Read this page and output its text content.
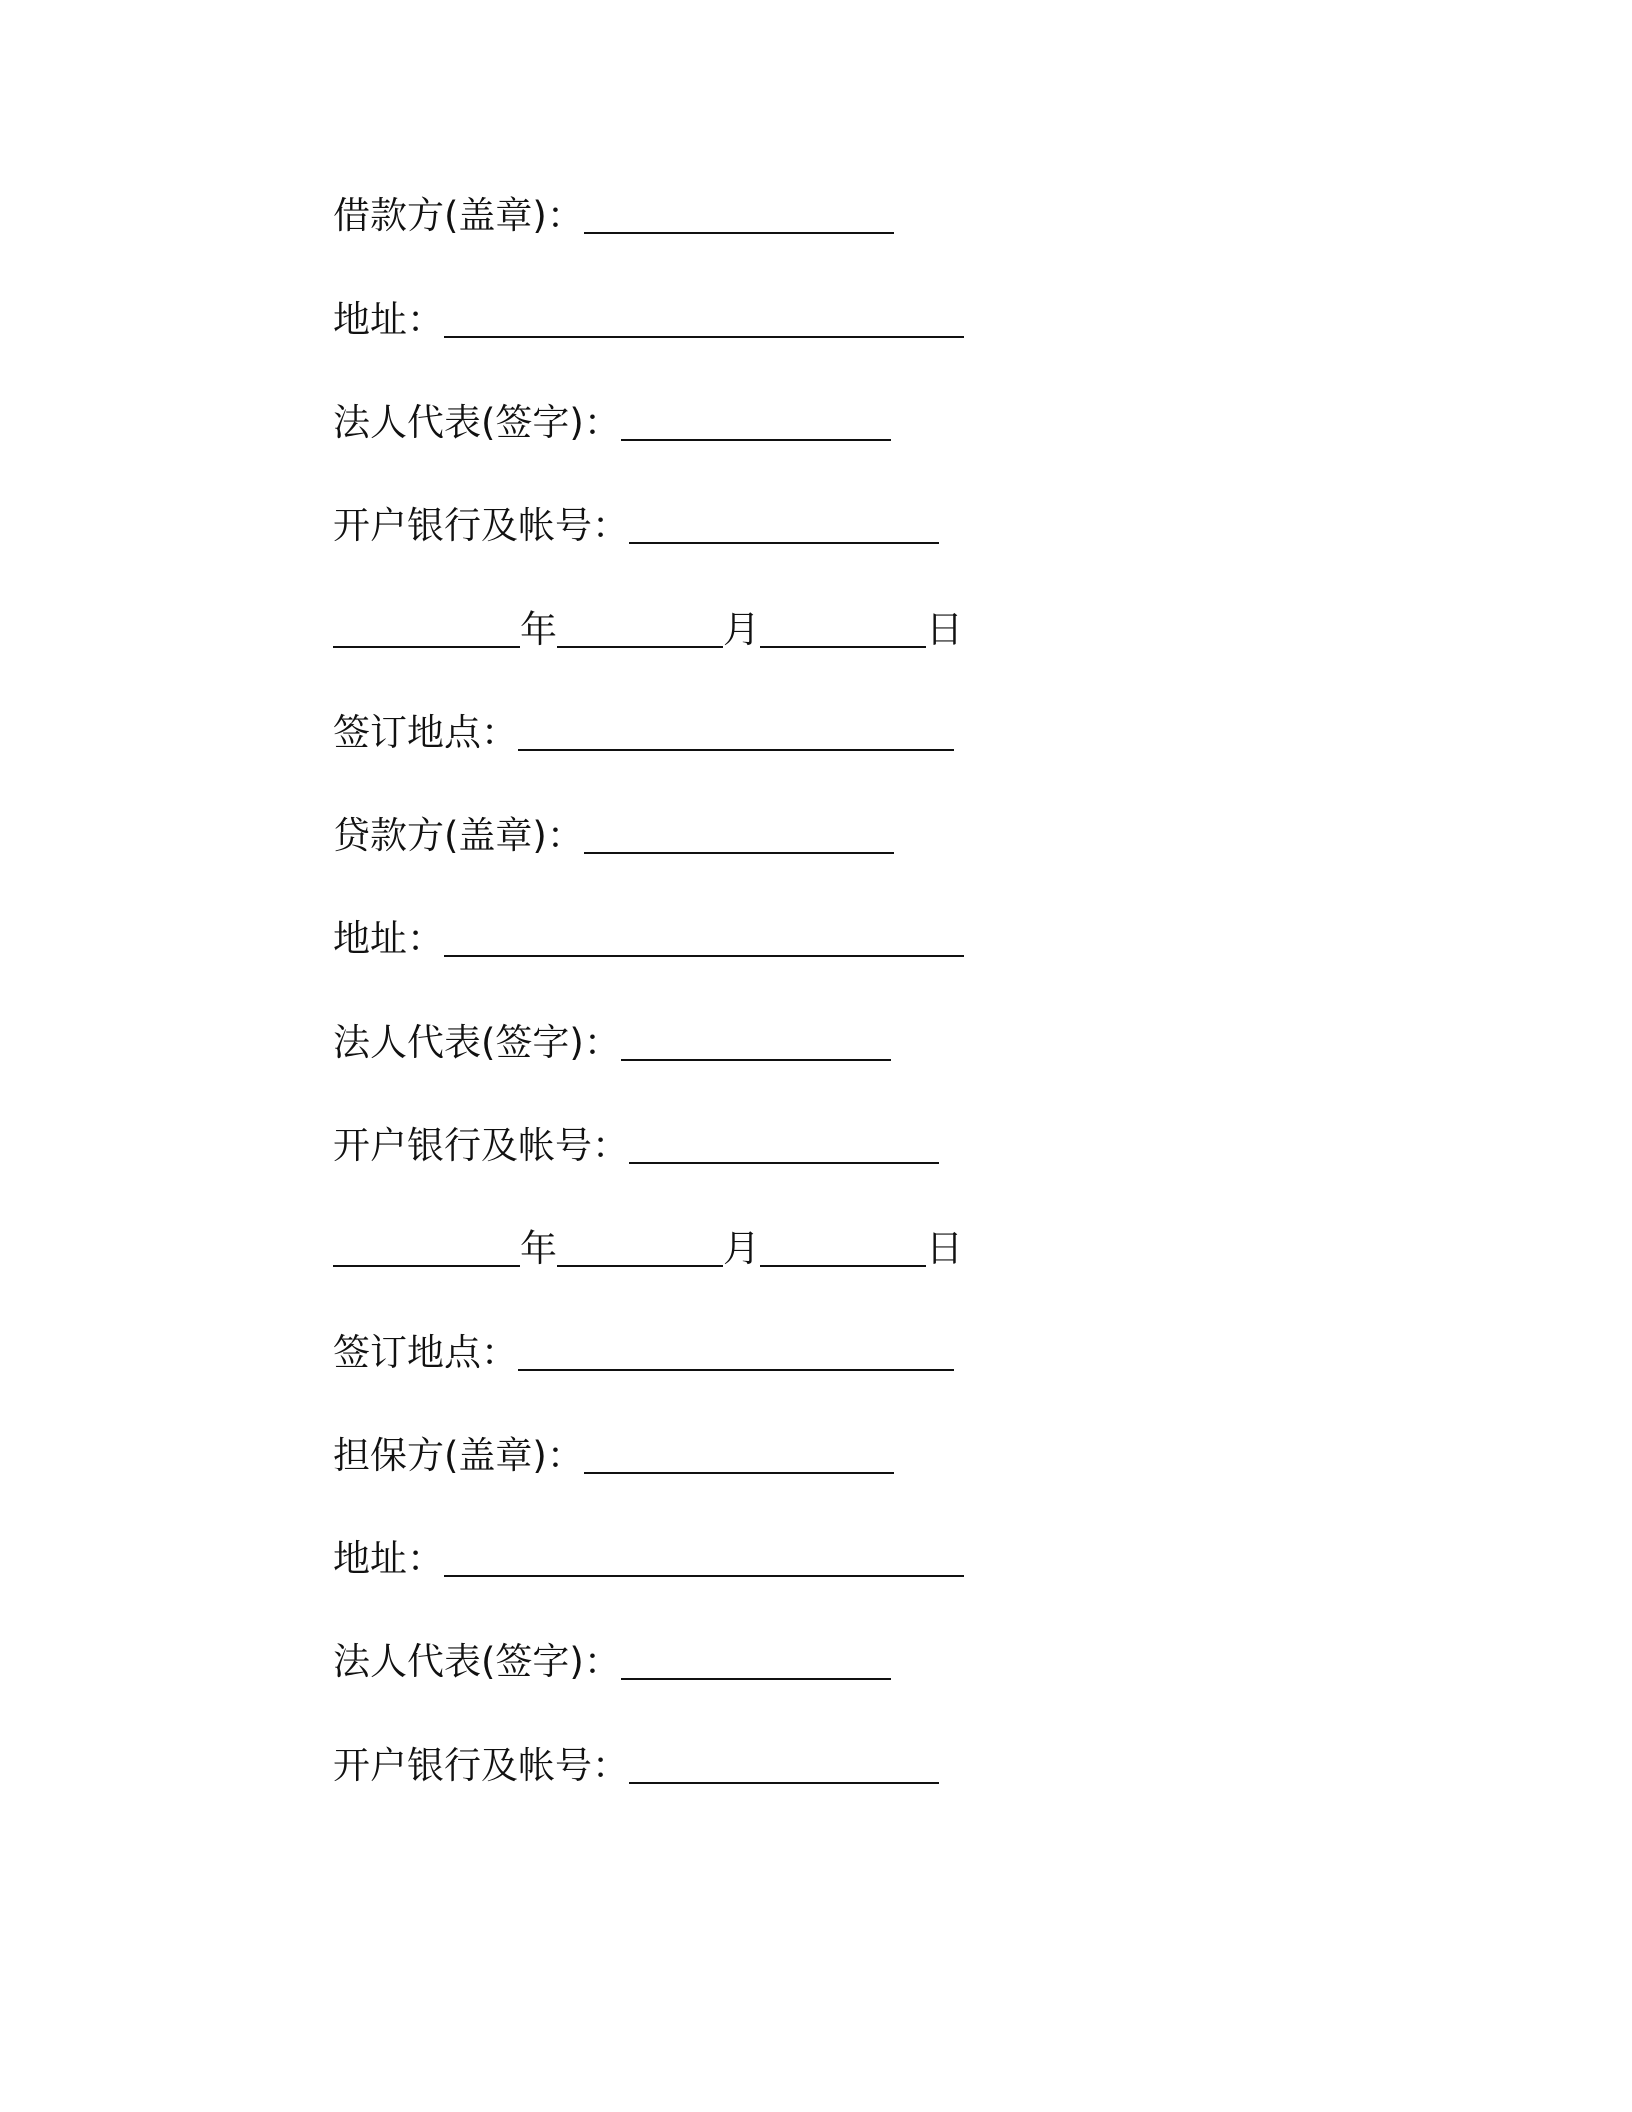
借款方(盖章)：
地址：
法人代表(签字)：
开户银行及帐号：
年	月	日
签订地点：
贷款方(盖章)：
地址：
法人代表(签字)：
开户银行及帐号：
年	月	日
签订地点：
担保方(盖章)：
地址：
法人代表(签字)：
开户银行及帐号：
